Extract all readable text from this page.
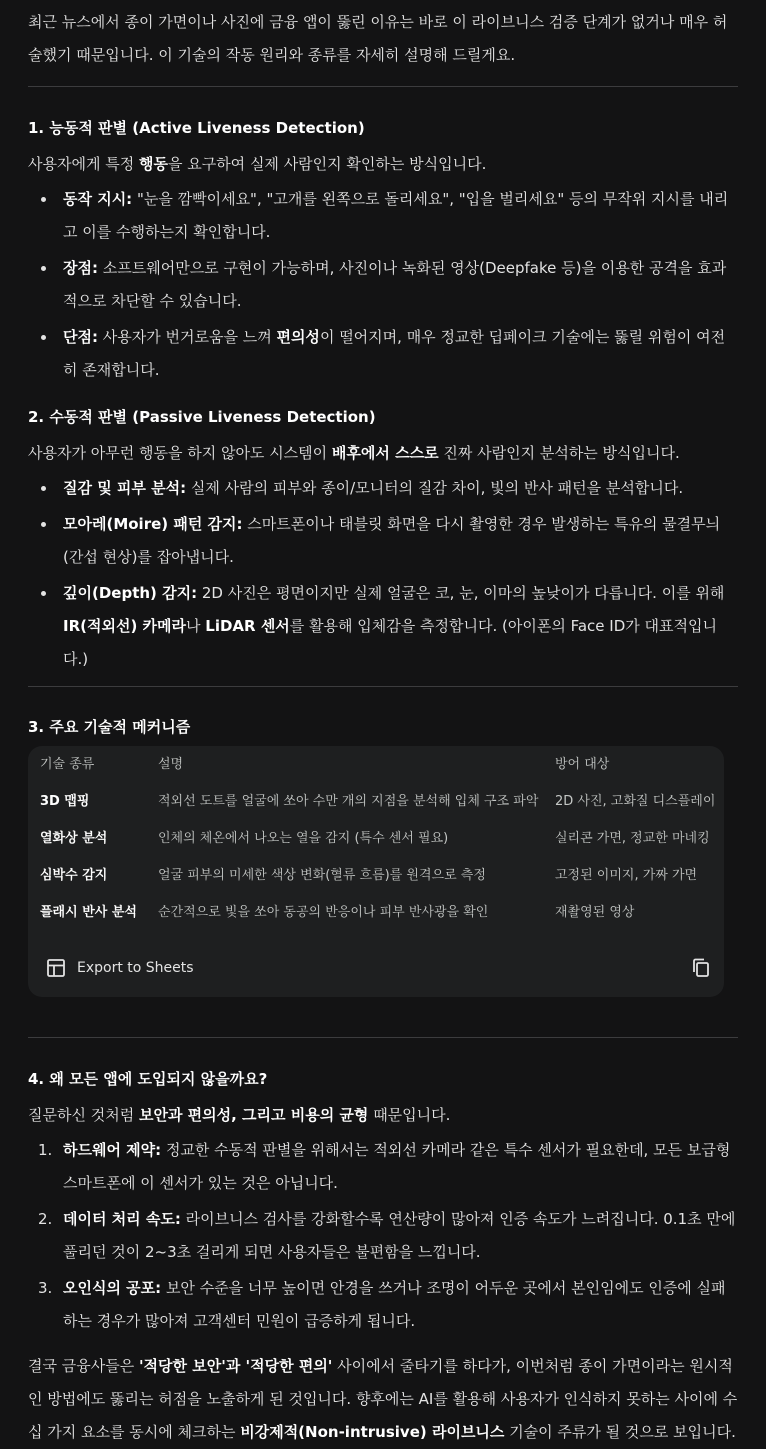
최근 뉴스에서 종이 가면이나 사진에 금융 앱이 뚫린 이유는 바로 이 라이브니스 검증 단계가 없거나 매우 허술했기 때문입니다. 이 기술의 작동 원리와 종류를 자세히 설명해 드릴게요.

1. 능동적 판별 (Active Liveness Detection)

사용자에게 특정 행동을 요구하여 실제 사람인지 확인하는 방식입니다.

동작 지시: "눈을 깜빡이세요", "고개를 왼쪽으로 돌리세요", "입을 벌리세요" 등의 무작위 지시를 내리고 이를 수행하는지 확인합니다.
장점: 소프트웨어만으로 구현이 가능하며, 사진이나 녹화된 영상(Deepfake 등)을 이용한 공격을 효과적으로 차단할 수 있습니다.
단점: 사용자가 번거로움을 느껴 편의성이 떨어지며, 매우 정교한 딥페이크 기술에는 뚫릴 위험이 여전히 존재합니다.
2. 수동적 판별 (Passive Liveness Detection)

사용자가 아무런 행동을 하지 않아도 시스템이 배후에서 스스로 진짜 사람인지 분석하는 방식입니다.

질감 및 피부 분석: 실제 사람의 피부와 종이/모니터의 질감 차이, 빛의 반사 패턴을 분석합니다.
모아레(Moire) 패턴 감지: 스마트폰이나 태블릿 화면을 다시 촬영한 경우 발생하는 특유의 물결무늬(간섭 현상)를 잡아냅니다.
깊이(Depth) 감지: 2D 사진은 평면이지만 실제 얼굴은 코, 눈, 이마의 높낮이가 다릅니다. 이를 위해 IR(적외선) 카메라나 LiDAR 센서를 활용해 입체감을 측정합니다. (아이폰의 Face ID가 대표적입니다.)
3. 주요 기술적 메커니즘
기술 종류	설명	방어 대상
3D 맵핑	적외선 도트를 얼굴에 쏘아 수만 개의 지점을 분석해 입체 구조 파악	2D 사진, 고화질 디스플레이
열화상 분석	인체의 체온에서 나오는 열을 감지 (특수 센서 필요)	실리콘 가면, 정교한 마네킹
심박수 감지	얼굴 피부의 미세한 색상 변화(혈류 흐름)를 원격으로 측정	고정된 이미지, 가짜 가면
플래시 반사 분석	순간적으로 빛을 쏘아 동공의 반응이나 피부 반사광을 확인	재촬영된 영상
Export to Sheets
4. 왜 모든 앱에 도입되지 않을까요?

질문하신 것처럼 보안과 편의성, 그리고 비용의 균형 때문입니다.

1. 하드웨어 제약: 정교한 수동적 판별을 위해서는 적외선 카메라 같은 특수 센서가 필요한데, 모든 보급형 스마트폰에 이 센서가 있는 것은 아닙니다.
2. 데이터 처리 속도: 라이브니스 검사를 강화할수록 연산량이 많아져 인증 속도가 느려집니다. 0.1초 만에 풀리던 것이 2~3초 걸리게 되면 사용자들은 불편함을 느낍니다.
3. 오인식의 공포: 보안 수준을 너무 높이면 안경을 쓰거나 조명이 어두운 곳에서 본인임에도 인증에 실패하는 경우가 많아져 고객센터 민원이 급증하게 됩니다.

결국 금융사들은 '적당한 보안'과 '적당한 편의' 사이에서 줄타기를 하다가, 이번처럼 종이 가면이라는 원시적인 방법에도 뚫리는 허점을 노출하게 된 것입니다. 향후에는 AI를 활용해 사용자가 인식하지 못하는 사이에 수십 가지 요소를 동시에 체크하는 비강제적(Non-intrusive) 라이브니스 기술이 주류가 될 것으로 보입니다.
